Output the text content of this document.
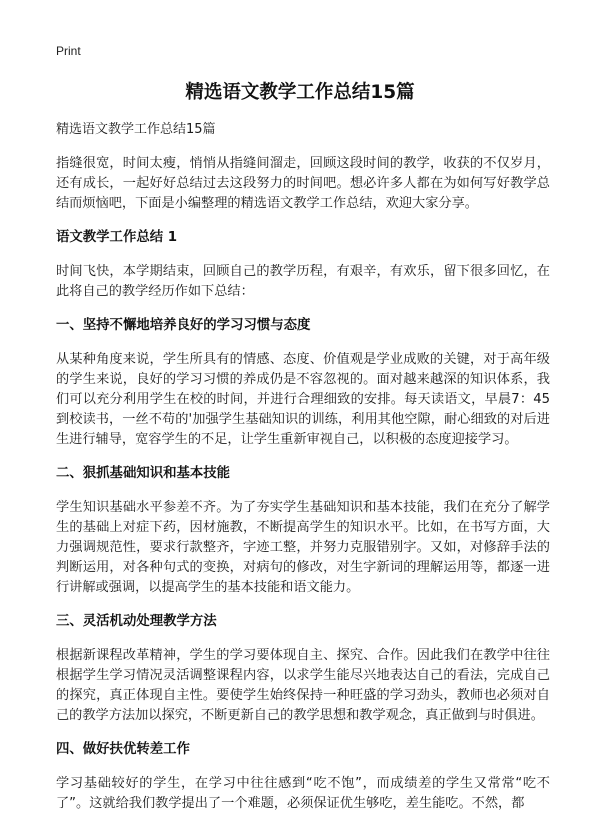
Print
精选语文教学工作总结15篇
精选语文教学工作总结15篇

指缝很宽，时间太瘦，悄悄从指缝间溜走，回顾这段时间的教学，收获的不仅岁月，还有成长，一起好好总结过去这段努力的时间吧。想必许多人都在为如何写好教学总结而烦恼吧，下面是小编整理的精选语文教学工作总结，欢迎大家分享。

语文教学工作总结 1

时间飞快，本学期结束，回顾自己的教学历程，有艰辛，有欢乐，留下很多回忆，在此将自己的教学经历作如下总结：

一、坚持不懈地培养良好的学习习惯与态度

从某种角度来说，学生所具有的情感、态度、价值观是学业成败的关键，对于高年级的学生来说，良好的学习习惯的养成仍是不容忽视的。面对越来越深的知识体系，我们可以充分利用学生在校的时间，并进行合理细致的安排。每天读语文，早晨7：45到校读书，一丝不苟的'加强学生基础知识的训练，利用其他空隙，耐心细致的对后进生进行辅导，宽容学生的不足，让学生重新审视自己，以积极的态度迎接学习。

二、狠抓基础知识和基本技能

学生知识基础水平参差不齐。为了夯实学生基础知识和基本技能，我们在充分了解学生的基础上对症下药，因材施教，不断提高学生的知识水平。比如，在书写方面，大力强调规范性，要求行款整齐，字迹工整，并努力克服错别字。又如，对修辞手法的判断运用，对各种句式的变换，对病句的修改，对生字新词的理解运用等，都逐一进行讲解或强调，以提高学生的基本技能和语文能力。

三、灵活机动处理教学方法

根据新课程改革精神，学生的学习要体现自主、探究、合作。因此我们在教学中往往根据学生学习情况灵活调整课程内容，以求学生能尽兴地表达自己的看法，完成自己的探究，真正体现自主性。要使学生始终保持一种旺盛的学习劲头，教师也必须对自己的教学方法加以探究，不断更新自己的教学思想和教学观念，真正做到与时俱进。

四、做好扶优转差工作

学习基础较好的学生，在学习中往往感到“吃不饱”，而成绩差的学生又常常“吃不了”。这就给我们教学提出了一个难题，必须保证优生够吃，差生能吃。不然，都
